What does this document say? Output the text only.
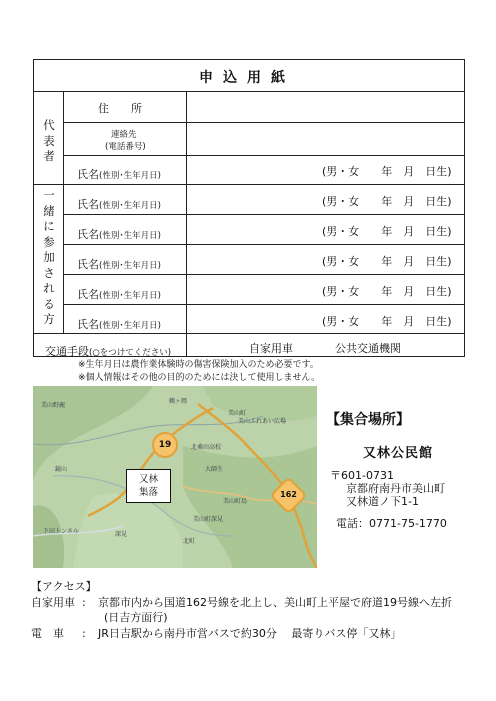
申込用紙
代表者
住　　所
連絡先
(電話番号)
氏名(性別･生年月日)	(男・女　　年　月　日生)
一緒に参加される方
氏名(性別･生年月日)	(男・女　　年　月　日生)
氏名(性別･生年月日)	(男・女　　年　月　日生)
氏名(性別･生年月日)	(男・女　　年　月　日生)
氏名(性別･生年月日)	(男・女　　年　月　日生)
氏名(性別･生年月日)	(男・女　　年　月　日生)
交通手段(○をつけてください)	自家用車	公共交通機関
※生年月日は農作業体験時の傷害保険加入のため必要です。
※個人情報はその他の目的のためには決して使用しません。
19
162
又林
集落
美山野鹿
美山町
美山ふれあい広場
北桑田高校
鶴ヶ岡
大師生
美山町島
美山町深見
下田トンネル
鏡山
北町
深見
【集合場所】
又林公民館
〒601-0731
京都府南丹市美山町
又林道ノ下1-1
電話：0771-75-1770
【アクセス】
自家用車 : 京都市内から国道162号線を北上し、美山町上平屋で府道19号線へ左折
(日吉方面行)
電　車 : JR日吉駅から南丹市営バスで約30分　 最寄りバス停「又林」
